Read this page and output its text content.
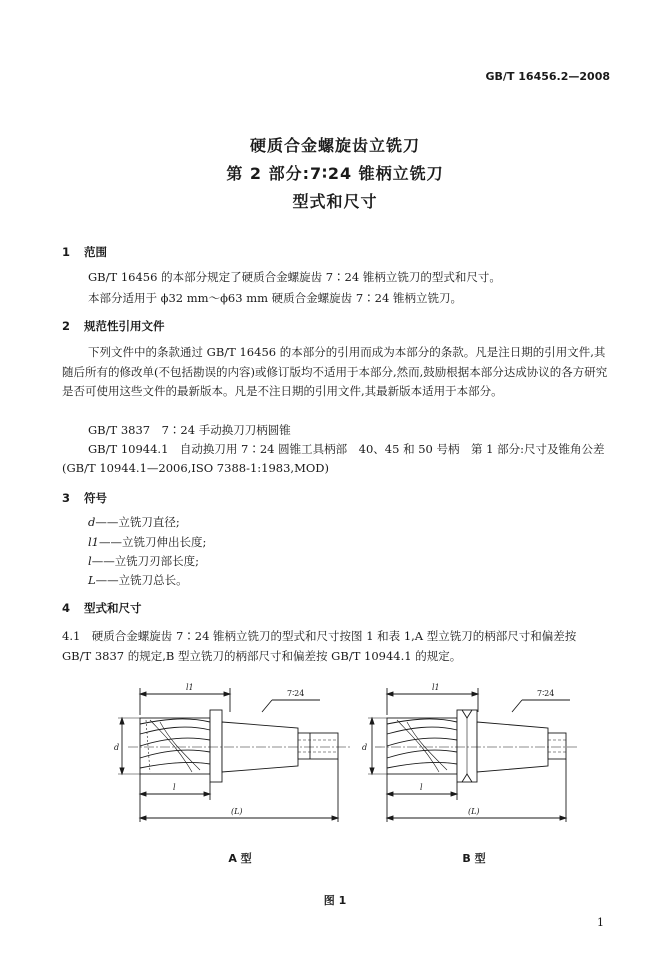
GB/T 16456.2—2008
硬质合金螺旋齿立铣刀
第 2 部分:7∶24 锥柄立铣刀
型式和尺寸
1 范围
GB/T 16456 的本部分规定了硬质合金螺旋齿 7∶24 锥柄立铣刀的型式和尺寸。
本部分适用于 ϕ32 mm～ϕ63 mm 硬质合金螺旋齿 7∶24 锥柄立铣刀。
2 规范性引用文件
下列文件中的条款通过 GB/T 16456 的本部分的引用而成为本部分的条款。凡是注日期的引用文件,其随后所有的修改单(不包括勘误的内容)或修订版均不适用于本部分,然而,鼓励根据本部分达成协议的各方研究是否可使用这些文件的最新版本。凡是不注日期的引用文件,其最新版本适用于本部分。
GB/T 3837　7∶24 手动换刀刀柄圆锥
GB/T 10944.1　自动换刀用 7∶24 圆锥工具柄部　40、45 和 50 号柄　第 1 部分:尺寸及锥角公差
(GB/T 10944.1—2006,ISO 7388-1:1983,MOD)
3 符号
d——立铣刀直径;
l1——立铣刀伸出长度;
l——立铣刀刃部长度;
L——立铣刀总长。
4 型式和尺寸
4.1　硬质合金螺旋齿 7∶24 锥柄立铣刀的型式和尺寸按图 1 和表 1,A 型立铣刀的柄部尺寸和偏差按 GB/T 3837 的规定,B 型立铣刀的柄部尺寸和偏差按 GB/T 10944.1 的规定。
l1
7∶24
d
l
(L)
l1
7∶24
d
l
(L)
A 型	B 型
图 1
1
